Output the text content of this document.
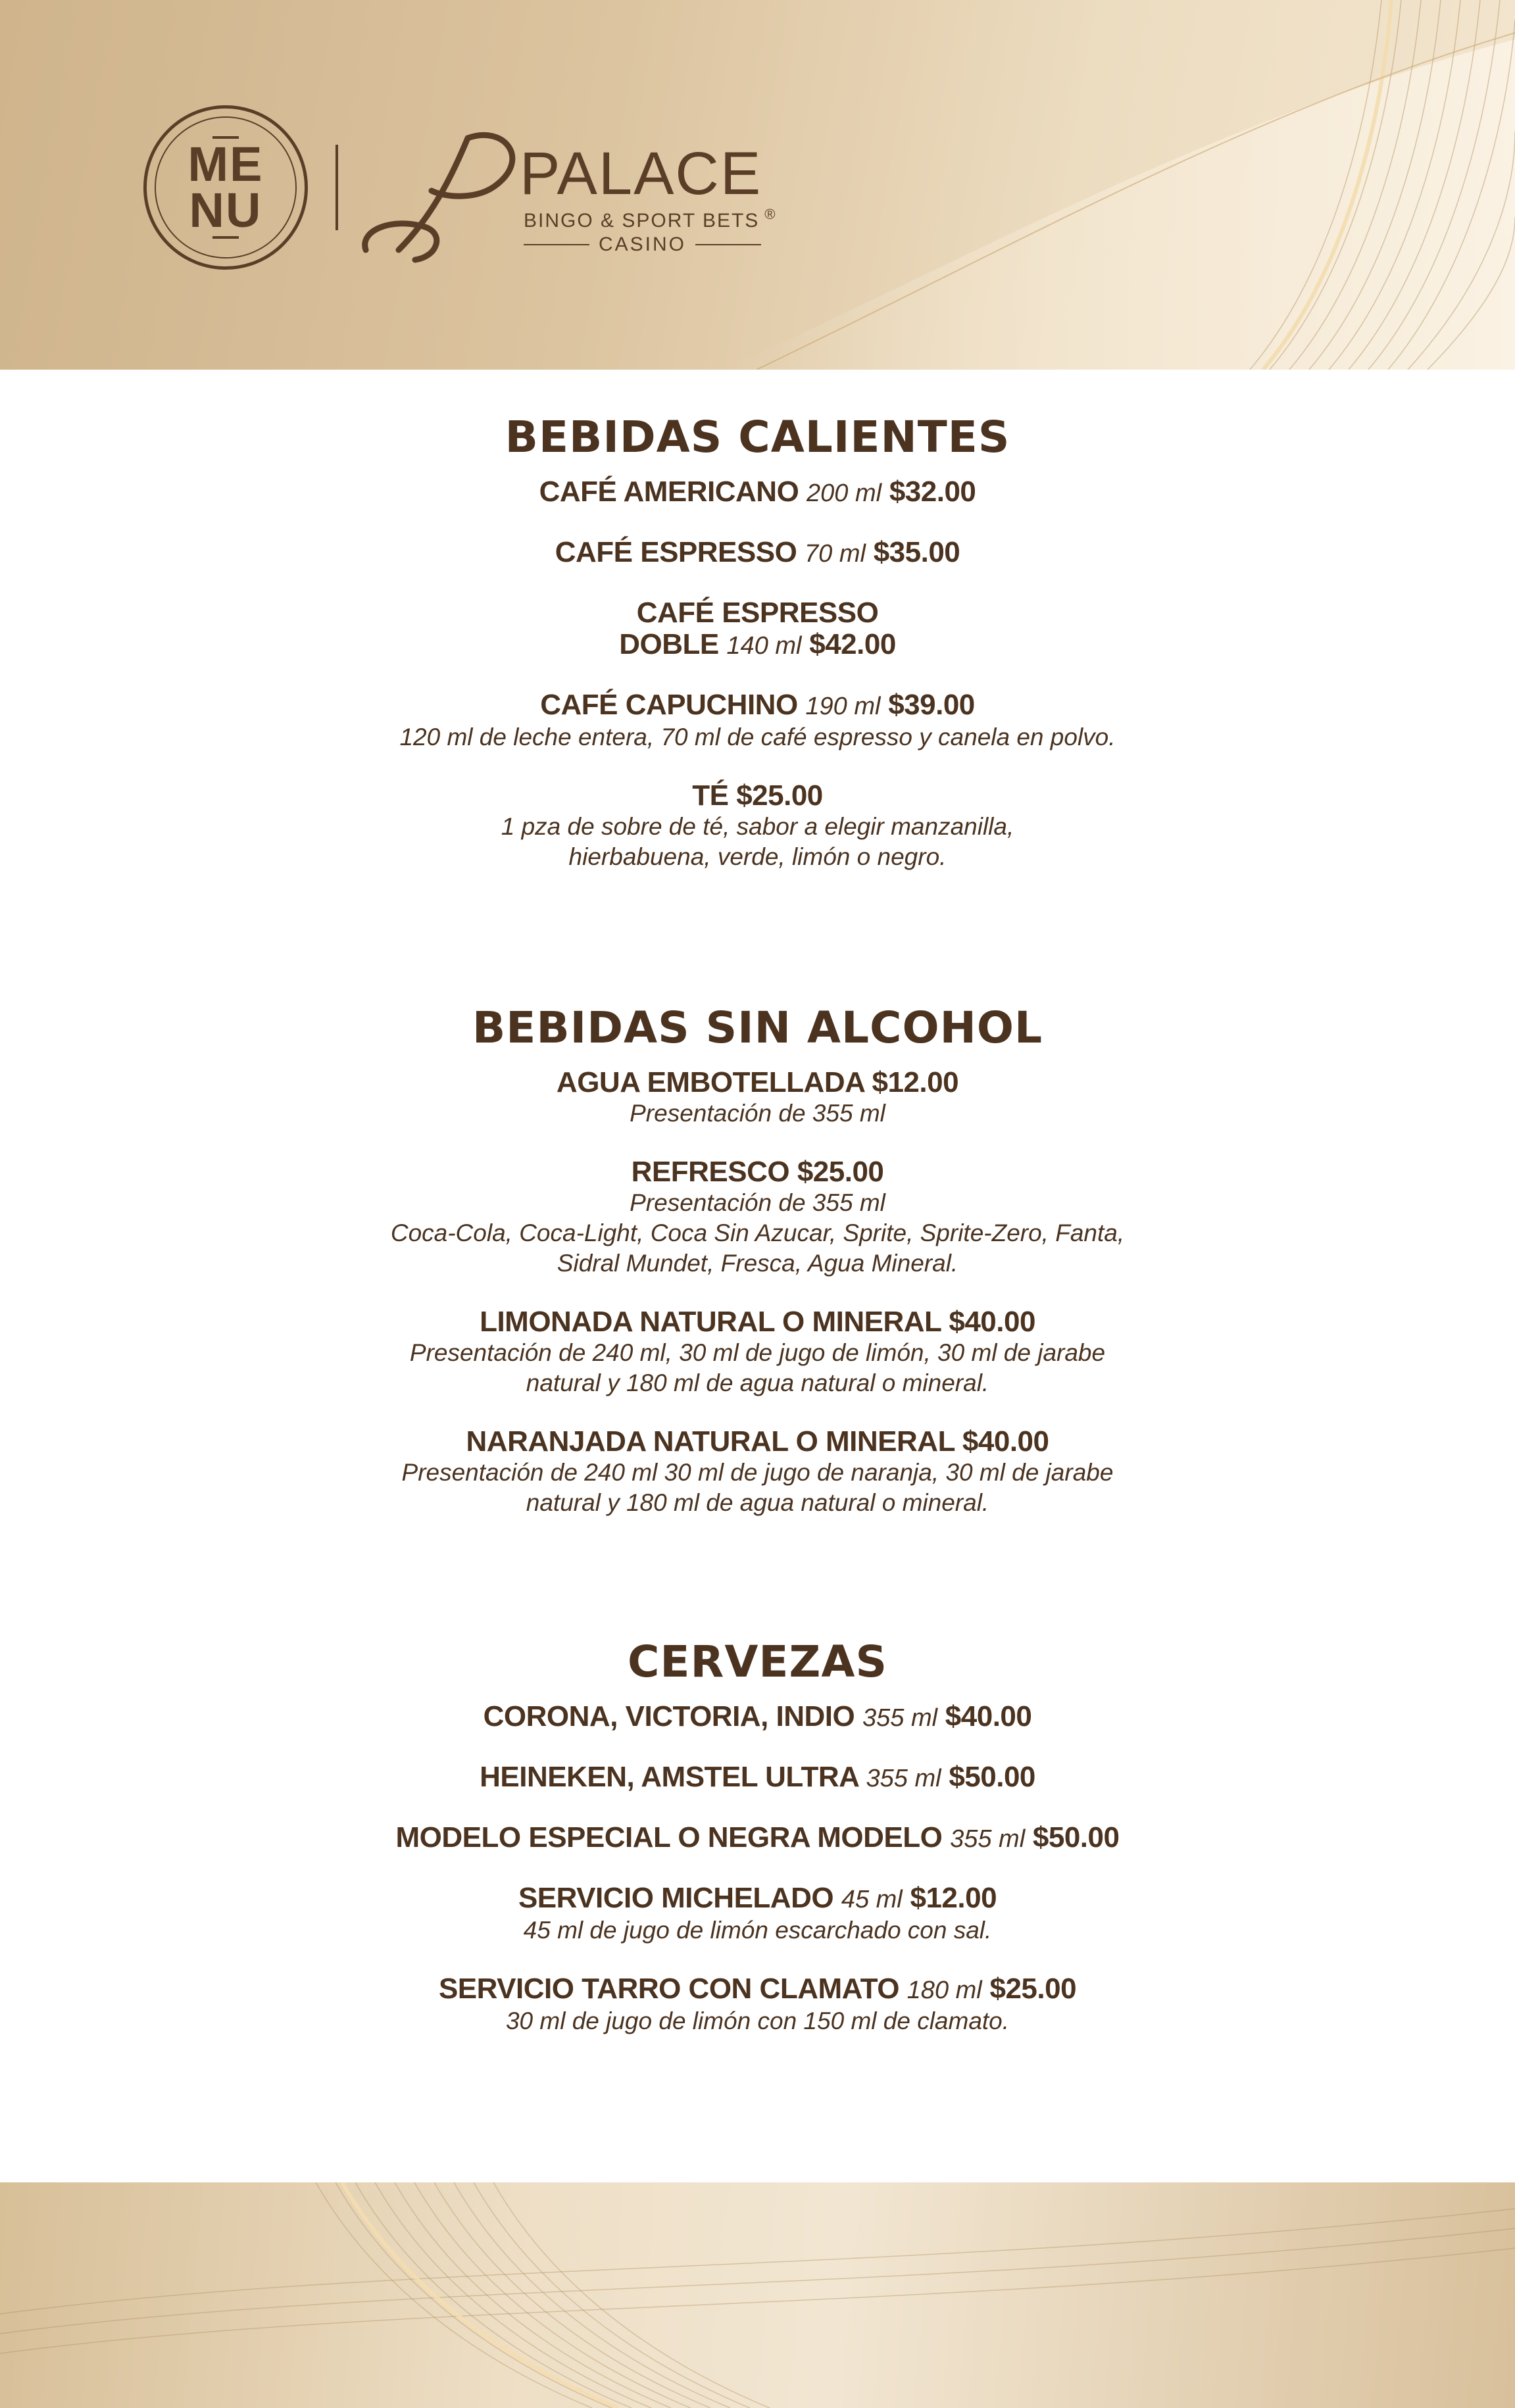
ME
NU
PALACE®
BINGO & SPORT BETS
CASINO
BEBIDAS CALIENTES
CAFÉ AMERICANO 200 ml $32.00
CAFÉ ESPRESSO 70 ml $35.00
CAFÉ ESPRESSO
DOBLE 140 ml $42.00
CAFÉ CAPUCHINO 190 ml $39.00
120 ml de leche entera, 70 ml de café espresso y canela en polvo.
TÉ $25.00
1 pza de sobre de té, sabor a elegir manzanilla,
hierbabuena, verde, limón o negro.
BEBIDAS SIN ALCOHOL
AGUA EMBOTELLADA $12.00
Presentación de 355 ml
REFRESCO $25.00
Presentación de 355 ml
Coca-Cola, Coca-Light, Coca Sin Azucar, Sprite, Sprite-Zero, Fanta,
Sidral Mundet, Fresca, Agua Mineral.
LIMONADA NATURAL O MINERAL $40.00
Presentación de 240 ml, 30 ml de jugo de limón, 30 ml de jarabe
natural y 180 ml de agua natural o mineral.
NARANJADA NATURAL O MINERAL $40.00
Presentación de 240 ml 30 ml de jugo de naranja, 30 ml de jarabe
natural y 180 ml de agua natural o mineral.
CERVEZAS
CORONA, VICTORIA, INDIO 355 ml $40.00
HEINEKEN, AMSTEL ULTRA 355 ml $50.00
MODELO ESPECIAL O NEGRA MODELO 355 ml $50.00
SERVICIO MICHELADO 45 ml $12.00
45 ml de jugo de limón escarchado con sal.
SERVICIO TARRO CON CLAMATO 180 ml $25.00
30 ml de jugo de limón con 150 ml de clamato.
